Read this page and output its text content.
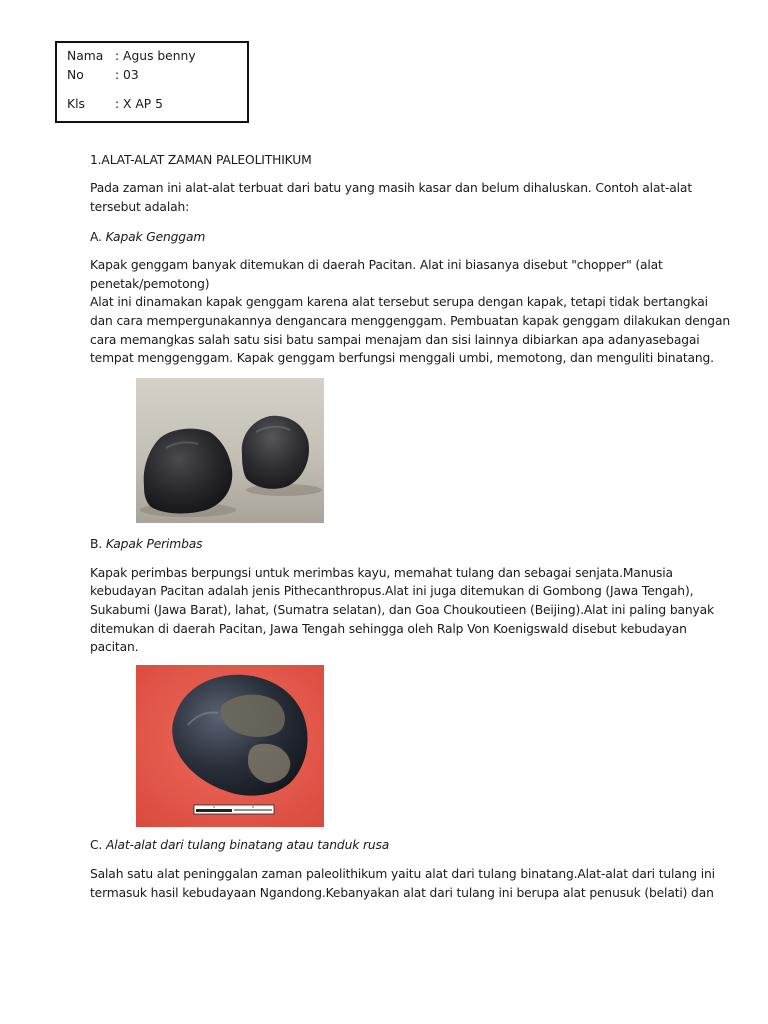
Nama : Agus benny
No	: 03
Kls : X AP 5
1.ALAT-ALAT ZAMAN PALEOLITHIKUM
Pada zaman ini alat-alat terbuat dari batu yang masih kasar dan belum dihaluskan. Contoh alat-alat
tersebut adalah:
A. Kapak Genggam
Kapak genggam banyak ditemukan di daerah Pacitan. Alat ini biasanya disebut "chopper" (alat
penetak/pemotong)
Alat ini dinamakan kapak genggam karena alat tersebut serupa dengan kapak, tetapi tidak bertangkai
dan cara mempergunakannya dengancara menggenggam. Pembuatan kapak genggam dilakukan dengan
cara memangkas salah satu sisi batu sampai menajam dan sisi lainnya dibiarkan apa adanyasebagai
tempat menggenggam. Kapak genggam berfungsi menggali umbi, memotong, dan menguliti binatang.
B. Kapak Perimbas
Kapak perimbas berpungsi untuk merimbas kayu, memahat tulang dan sebagai senjata.Manusia
kebudayan Pacitan adalah jenis Pithecanthropus.Alat ini juga ditemukan di Gombong (Jawa Tengah),
Sukabumi (Jawa Barat), lahat, (Sumatra selatan), dan Goa Choukoutieen (Beijing).Alat ini paling banyak
ditemukan di daerah Pacitan, Jawa Tengah sehingga oleh Ralp Von Koenigswald disebut kebudayan
pacitan.
C. Alat-alat dari tulang binatang atau tanduk rusa
Salah satu alat peninggalan zaman paleolithikum yaitu alat dari tulang binatang.Alat-alat dari tulang ini
termasuk hasil kebudayaan Ngandong.Kebanyakan alat dari tulang ini berupa alat penusuk (belati) dan
